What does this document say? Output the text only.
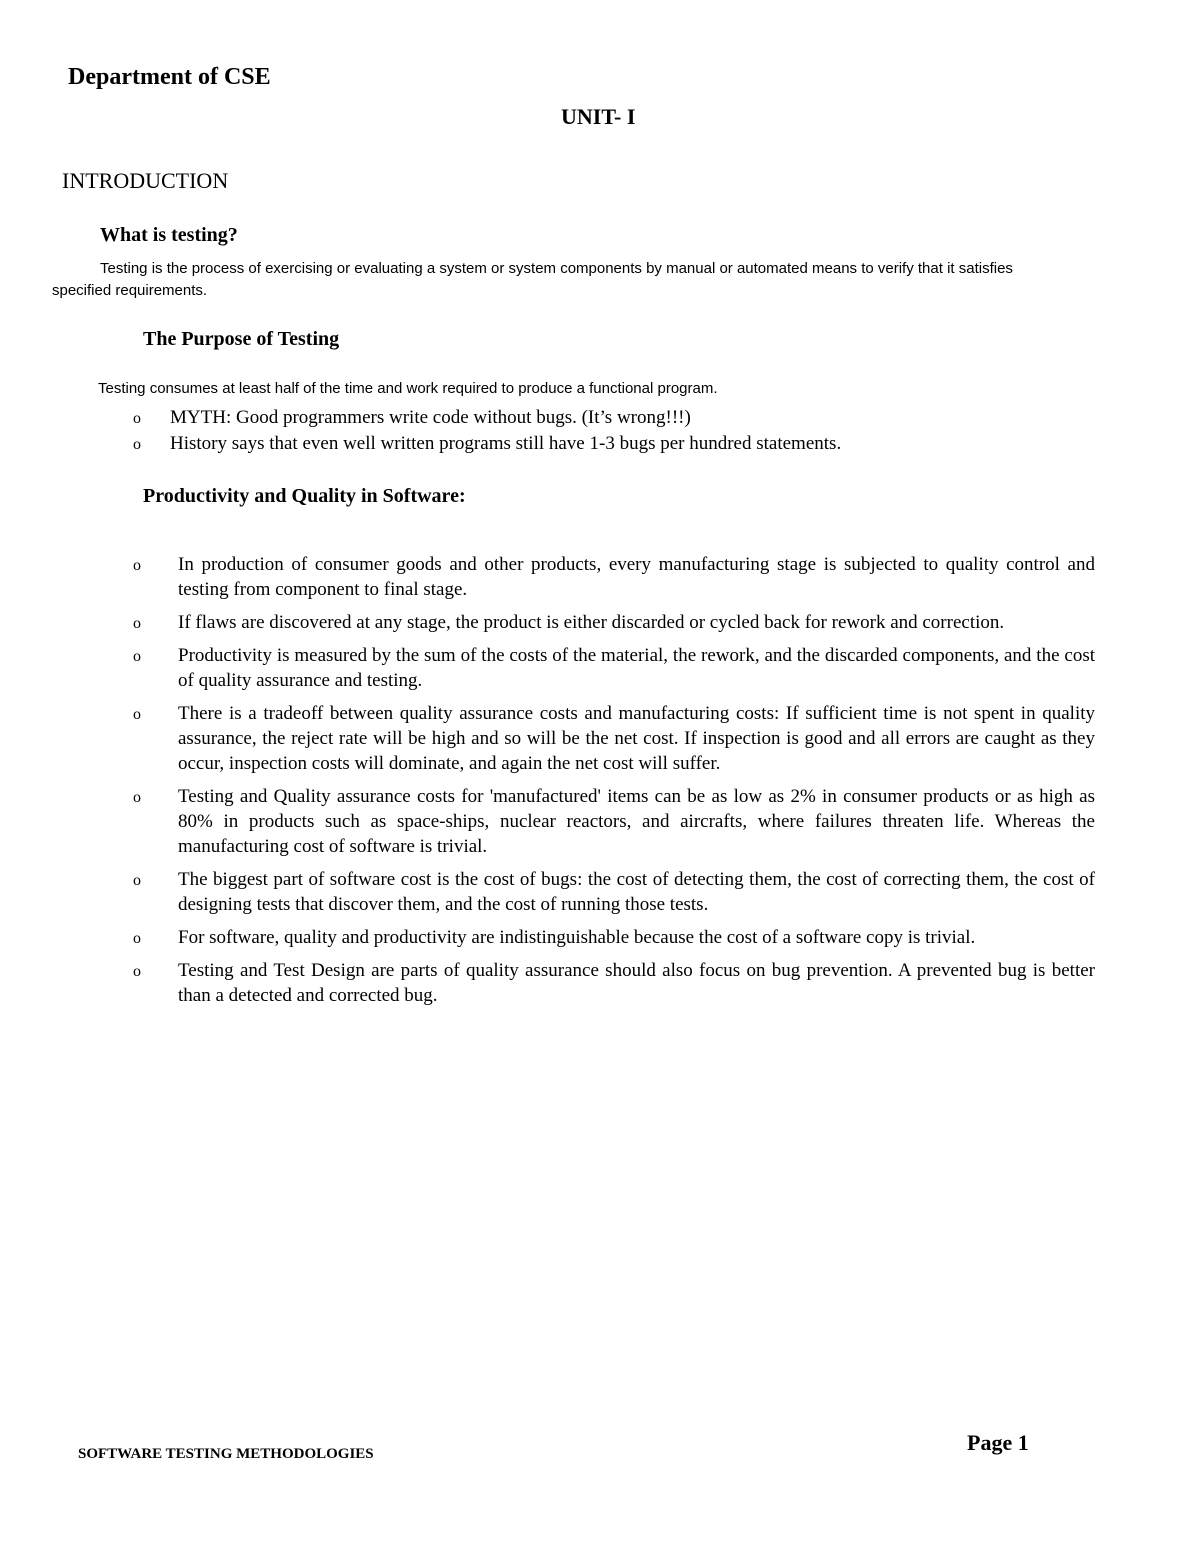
Department of CSE
UNIT- I
INTRODUCTION
What is testing?

Testing is the process of exercising or evaluating a system or system components by manual or automated means to verify that it satisfies specified requirements.

The Purpose of Testing

Testing consumes at least half of the time and work required to produce a functional program.

o MYTH: Good programmers write code without bugs. (It’s wrong!!!)
o History says that even well written programs still have 1-3 bugs per hundred statements.
Productivity and Quality in Software:
o In production of consumer goods and other products, every manufacturing stage is subjected to quality control and testing from component to final stage.
o If flaws are discovered at any stage, the product is either discarded or cycled back for rework and correction.
o Productivity is measured by the sum of the costs of the material, the rework, and the discarded components, and the cost of quality assurance and testing.
o There is a tradeoff between quality assurance costs and manufacturing costs: If sufficient time is not spent in quality assurance, the reject rate will be high and so will be the net cost. If inspection is good and all errors are caught as they occur, inspection costs will dominate, and again the net cost will suffer.
o Testing and Quality assurance costs for 'manufactured' items can be as low as 2% in consumer products or as high as 80% in products such as space-ships, nuclear reactors, and aircrafts, where failures threaten life. Whereas the manufacturing cost of software is trivial.
o The biggest part of software cost is the cost of bugs: the cost of detecting them, the cost of correcting them, the cost of designing tests that discover them, and the cost of running those tests.
o For software, quality and productivity are indistinguishable because the cost of a software copy is trivial.
o Testing and Test Design are parts of quality assurance should also focus on bug prevention. A prevented bug is better than a detected and corrected bug.
SOFTWARE TESTING METHODOLOGIES	Page 1
